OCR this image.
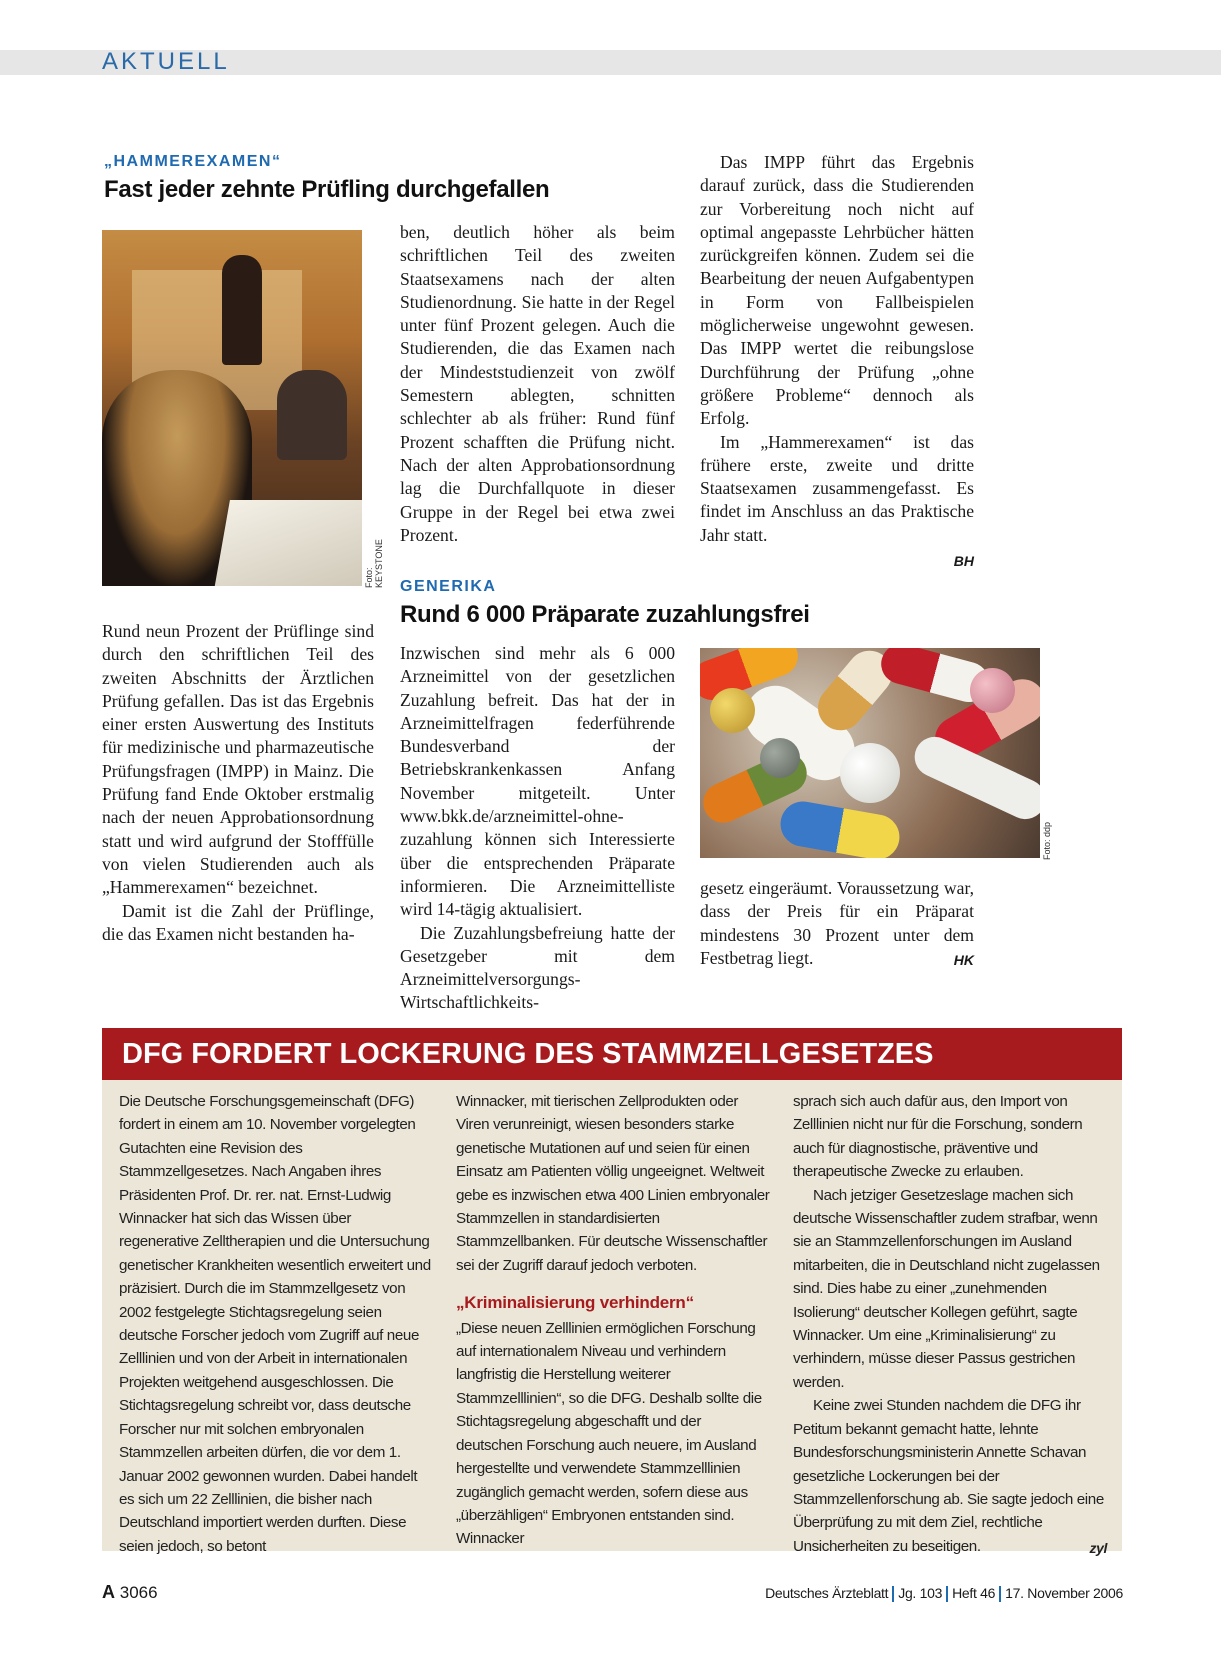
AKTUELL
„HAMMEREXAMEN“
Fast jeder zehnte Prüfling durchgefallen
Foto: KEYSTONE

Rund neun Prozent der Prüflinge sind durch den schriftlichen Teil des zweiten Abschnitts der Ärztlichen Prüfung gefallen. Das ist das Ergebnis einer ersten Auswertung des Instituts für medizinische und pharmazeutische Prüfungsfragen (IMPP) in Mainz. Die Prüfung fand Ende Oktober erstmalig nach der neuen Approbationsordnung statt und wird aufgrund der Stofffülle von vielen Studierenden auch als „Hammerexamen“ bezeichnet.

Damit ist die Zahl der Prüflinge, die das Examen nicht bestanden ha-

ben, deutlich höher als beim schriftlichen Teil des zweiten Staatsexamens nach der alten Studienordnung. Sie hatte in der Regel unter fünf Prozent gelegen. Auch die Studierenden, die das Examen nach der Mindeststudienzeit von zwölf Semestern ablegten, schnitten schlechter ab als früher: Rund fünf Prozent schafften die Prüfung nicht. Nach der alten Approbationsordnung lag die Durchfallquote in dieser Gruppe in der Regel bei etwa zwei Prozent.

Das IMPP führt das Ergebnis darauf zurück, dass die Studierenden zur Vorbereitung noch nicht auf optimal angepasste Lehrbücher hätten zurückgreifen können. Zudem sei die Bearbeitung der neuen Aufgabentypen in Form von Fallbeispielen möglicherweise ungewohnt gewesen. Das IMPP wertet die reibungslose Durchführung der Prüfung „ohne größere Probleme“ dennoch als Erfolg.

Im „Hammerexamen“ ist das frühere erste, zweite und dritte Staatsexamen zusammengefasst. Es findet im Anschluss an das Praktische Jahr statt.

BH
GENERIKA
Rund 6 000 Präparate zuzahlungsfrei

Inzwischen sind mehr als 6 000 Arzneimittel von der gesetzlichen Zuzahlung befreit. Das hat der in Arzneimittelfragen federführende Bundesverband der Betriebskrankenkassen Anfang November mitgeteilt. Unter www.bkk.de/arzneimittel-ohne-zuzahlung können sich Interessierte über die entsprechenden Präparate informieren. Die Arzneimittelliste wird 14-tägig aktualisiert.

Die Zuzahlungsbefreiung hatte der Gesetzgeber mit dem Arzneimittelversorgungs-Wirtschaftlichkeits-

Foto: ddp

gesetz eingeräumt. Voraussetzung war, dass der Preis für ein Präparat mindestens 30 Prozent unter dem Festbetrag liegt.	HK
DFG FORDERT LOCKERUNG DES STAMMZELLGESETZES

Die Deutsche Forschungsgemeinschaft (DFG) fordert in einem am 10. November vorgelegten Gutachten eine Revision des Stammzellgesetzes. Nach Angaben ihres Präsidenten Prof. Dr. rer. nat. Ernst-Ludwig Winnacker hat sich das Wissen über regenerative Zelltherapien und die Untersuchung genetischer Krankheiten wesentlich erweitert und präzisiert. Durch die im Stammzellgesetz von 2002 festgelegte Stichtagsregelung seien deutsche Forscher jedoch vom Zugriff auf neue Zelllinien und von der Arbeit in internationalen Projekten weitgehend ausgeschlossen. Die Stichtagsregelung schreibt vor, dass deutsche Forscher nur mit solchen embryonalen Stammzellen arbeiten dürfen, die vor dem 1. Januar 2002 gewonnen wurden. Dabei handelt es sich um 22 Zelllinien, die bisher nach Deutschland importiert werden durften. Diese seien jedoch, so betont

Winnacker, mit tierischen Zellprodukten oder Viren verunreinigt, wiesen besonders starke genetische Mutationen auf und seien für einen Einsatz am Patienten völlig ungeeignet. Weltweit gebe es inzwischen etwa 400 Linien embryonaler Stammzellen in standardisierten Stammzellbanken. Für deutsche Wissenschaftler sei der Zugriff darauf jedoch verboten.

„Kriminalisierung verhindern“

„Diese neuen Zelllinien ermöglichen Forschung auf internationalem Niveau und verhindern langfristig die Herstellung weiterer Stammzelllinien“, so die DFG. Deshalb sollte die Stichtagsregelung abgeschafft und der deutschen Forschung auch neuere, im Ausland hergestellte und verwendete Stammzelllinien zugänglich gemacht werden, sofern diese aus „überzähligen“ Embryonen entstanden sind. Winnacker

sprach sich auch dafür aus, den Import von Zelllinien nicht nur für die Forschung, sondern auch für diagnostische, präventive und therapeutische Zwecke zu erlauben.

Nach jetziger Gesetzeslage machen sich deutsche Wissenschaftler zudem strafbar, wenn sie an Stammzellenforschungen im Ausland mitarbeiten, die in Deutschland nicht zugelassen sind. Dies habe zu einer „zunehmenden Isolierung“ deutscher Kollegen geführt, sagte Winnacker. Um eine „Kriminalisierung“ zu verhindern, müsse dieser Passus gestrichen werden.

Keine zwei Stunden nachdem die DFG ihr Petitum bekannt gemacht hatte, lehnte Bundesforschungsministerin Annette Schavan gesetzliche Lockerungen bei der Stammzellenforschung ab. Sie sagte jedoch eine Überprüfung zu mit dem Ziel, rechtliche Unsicherheiten zu beseitigen.	zyl
A 3066	Deutsches Ärzteblatt Jg. 103 Heft 46 17. November 2006
